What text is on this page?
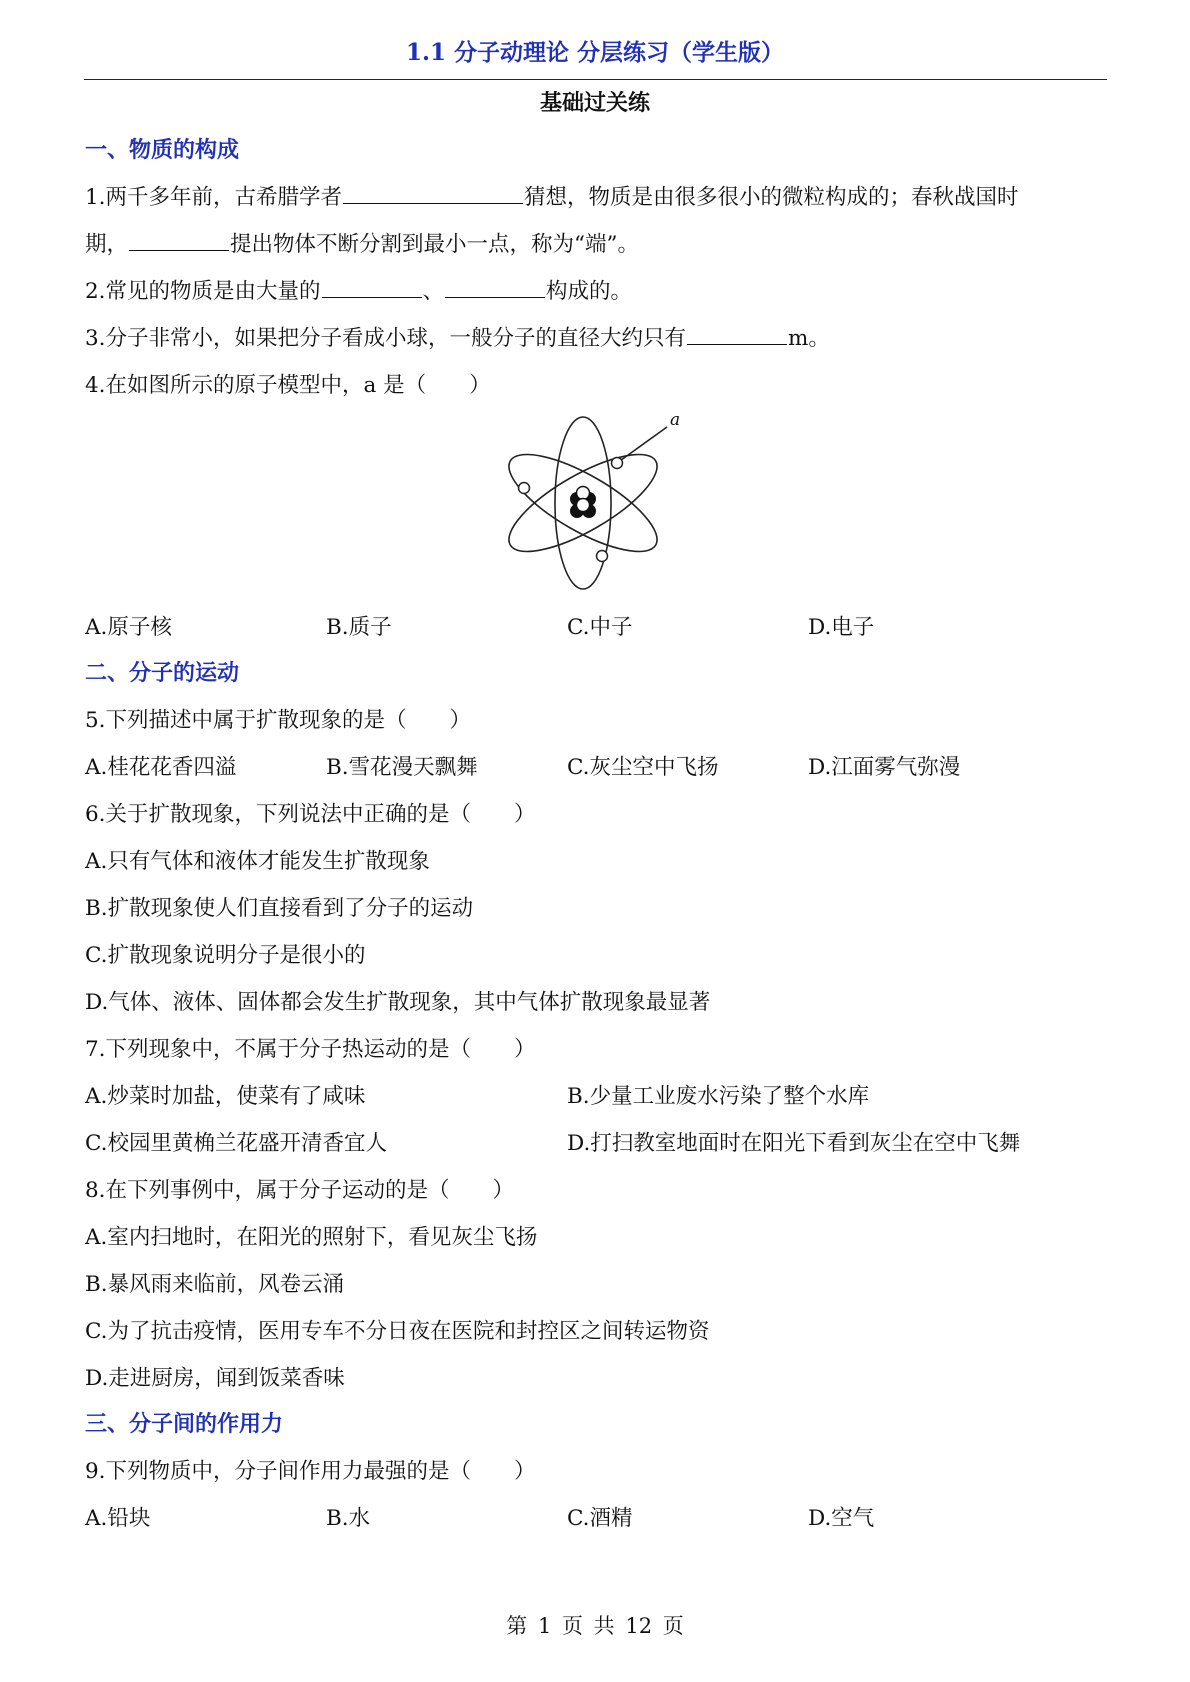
1.1 分子动理论 分层练习（学生版）
基础过关练
一、物质的构成
1.两千多年前，古希腊学者	猜想，物质是由很多很小的微粒构成的；春秋战国时
期，	提出物体不断分割到最小一点，称为“端”。
2.常见的物质是由大量的	、	构成的。
3.分子非常小，如果把分子看成小球，一般分子的直径大约只有	m。
4.在如图所示的原子模型中，a 是（　　）
a
A.原子核	B.质子	C.中子	D.电子
二、分子的运动
5.下列描述中属于扩散现象的是（　　）
A.桂花花香四溢	B.雪花漫天飘舞	C.灰尘空中飞扬	D.江面雾气弥漫
6.关于扩散现象，下列说法中正确的是（　　）
A.只有气体和液体才能发生扩散现象
B.扩散现象使人们直接看到了分子的运动
C.扩散现象说明分子是很小的
D.气体、液体、固体都会发生扩散现象，其中气体扩散现象最显著
7.下列现象中，不属于分子热运动的是（　　）
A.炒菜时加盐，使菜有了咸味	B.少量工业废水污染了整个水库
C.校园里黄桷兰花盛开清香宜人	D.打扫教室地面时在阳光下看到灰尘在空中飞舞
8.在下列事例中，属于分子运动的是（　　）
A.室内扫地时，在阳光的照射下，看见灰尘飞扬
B.暴风雨来临前，风卷云涌
C.为了抗击疫情，医用专车不分日夜在医院和封控区之间转运物资
D.走进厨房，闻到饭菜香味
三、分子间的作用力
9.下列物质中，分子间作用力最强的是（　　）
A.铅块	B.水	C.酒精	D.空气
第 1 页 共 12 页
